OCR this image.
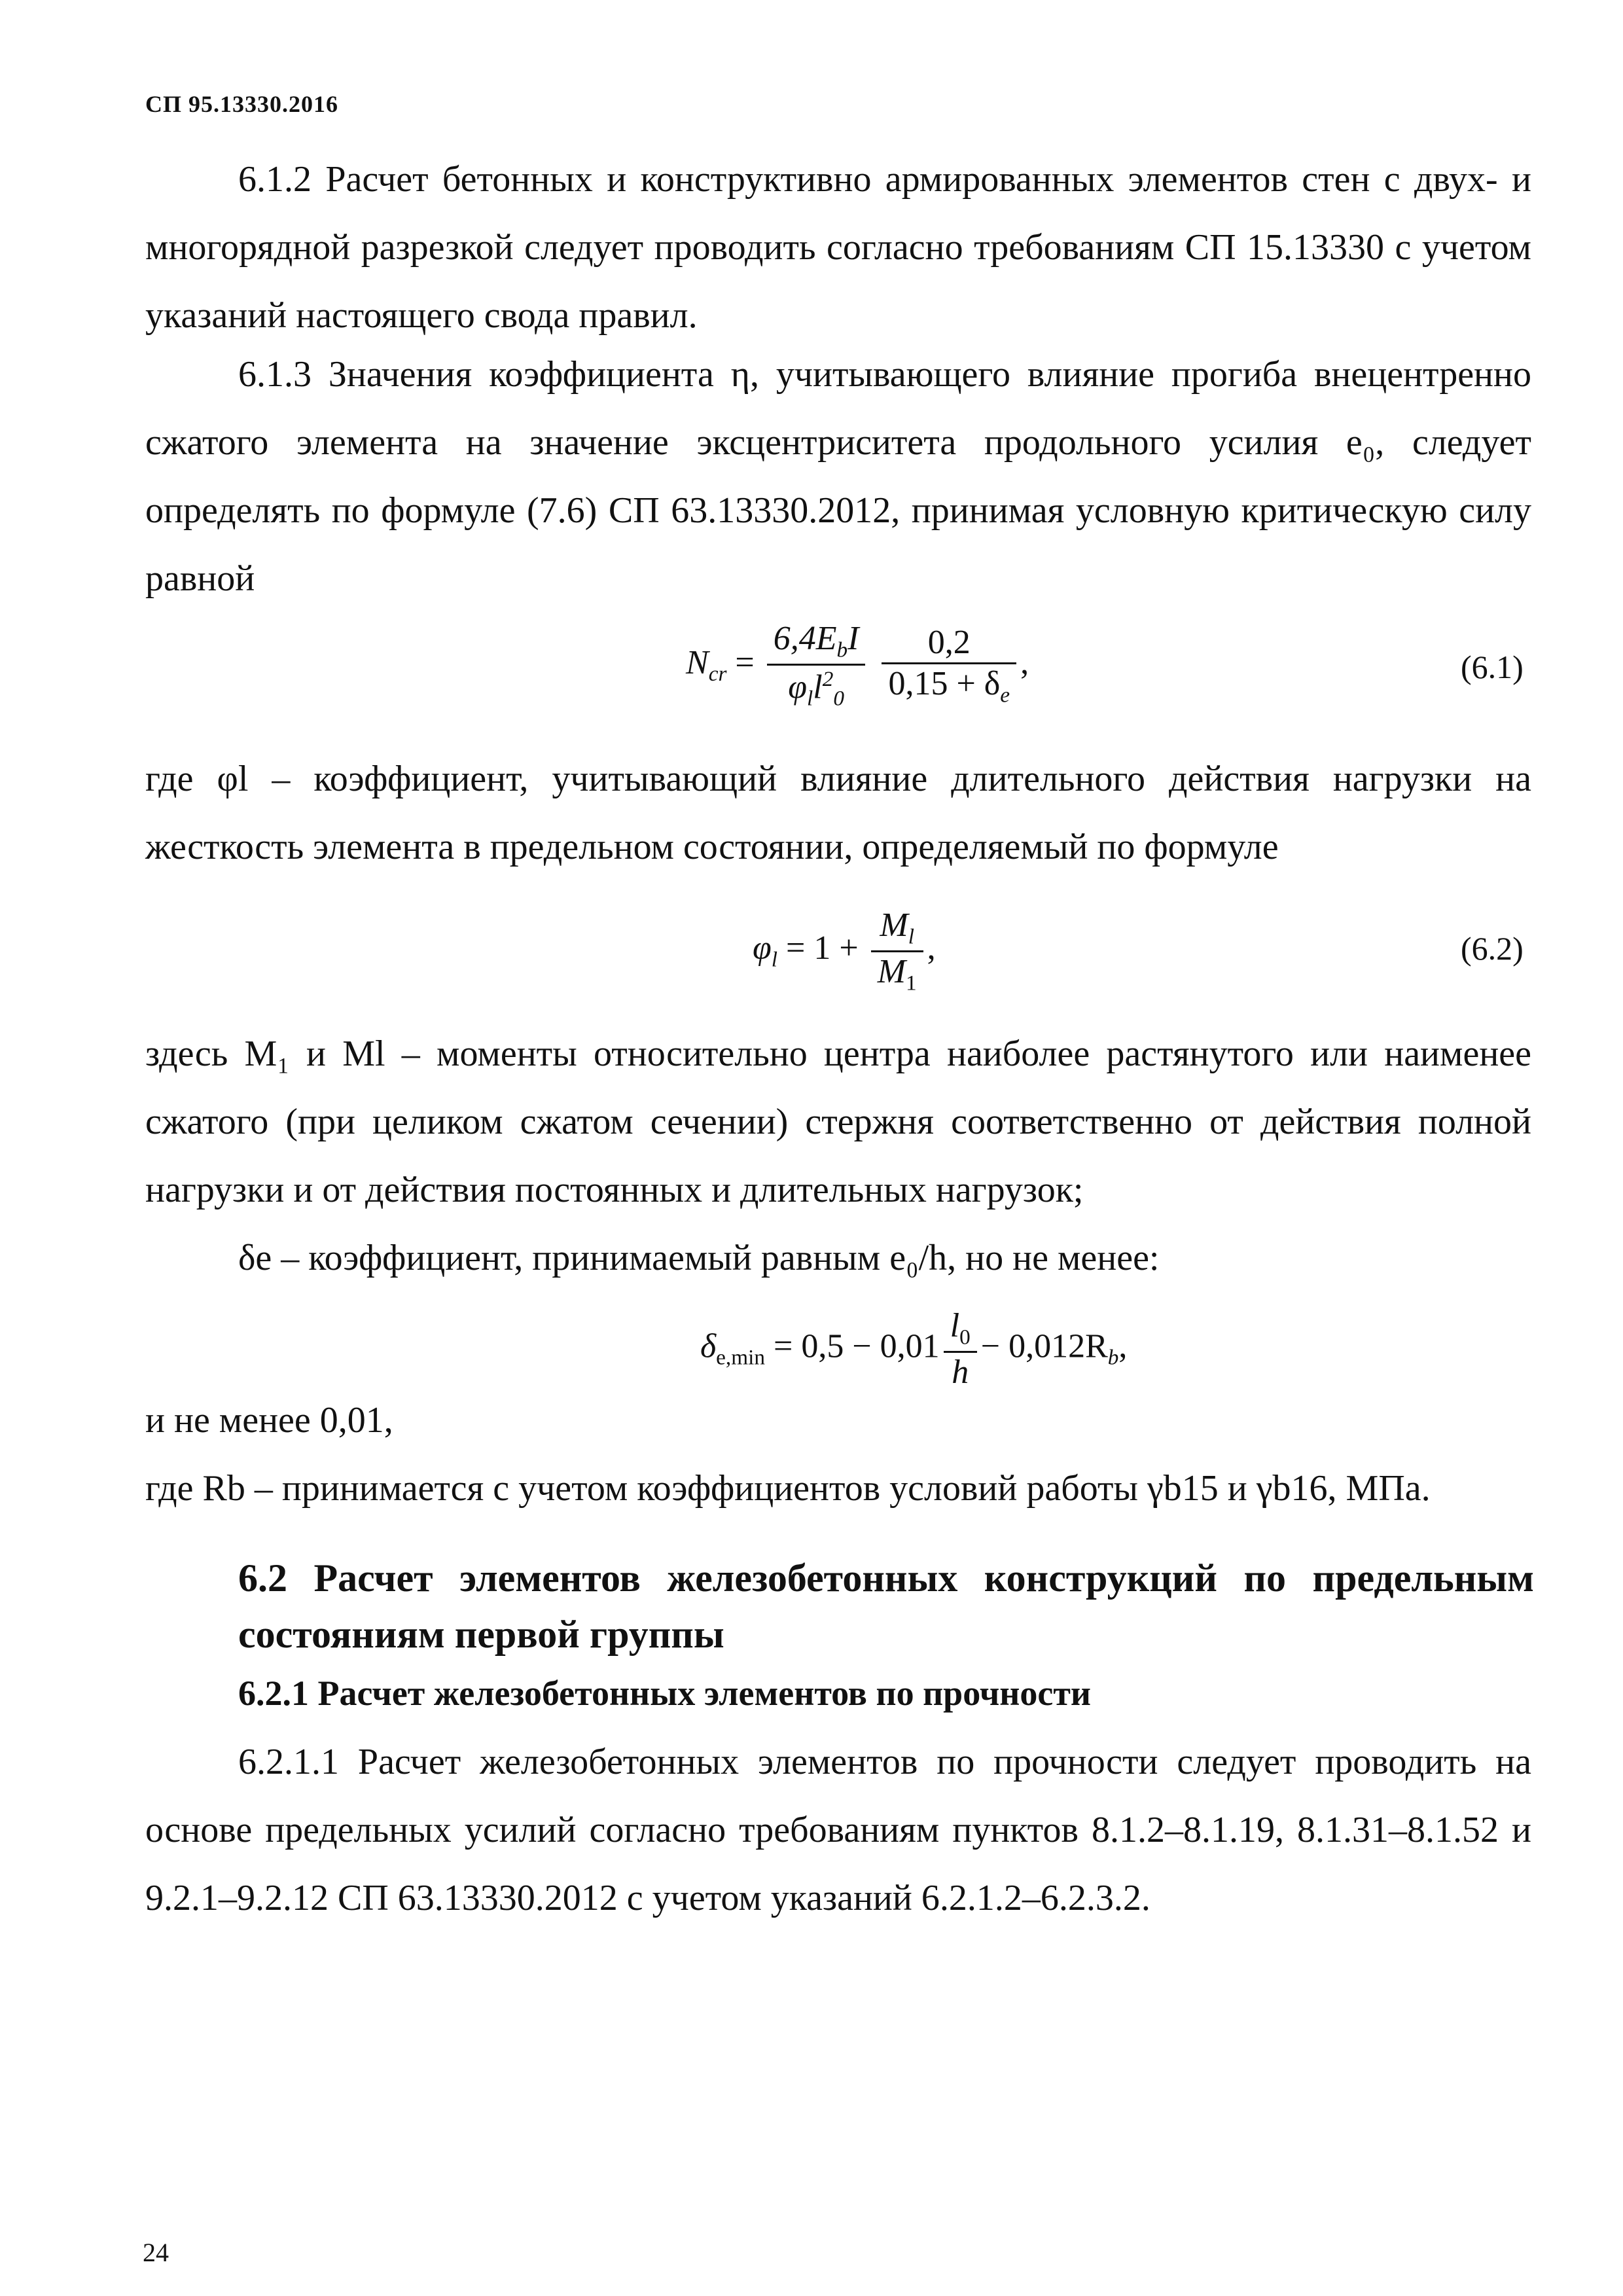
СП 95.13330.2016

6.1.2 Расчет бетонных и конструктивно армированных элементов стен с двух- и многорядной разрезкой следует проводить согласно требованиям СП 15.13330 с учетом указаний настоящего свода правил.

6.1.3 Значения коэффициента η, учитывающего влияние прогиба внецентренно сжатого элемента на значение эксцентриситета продольного усилия e₀, следует определять по формуле (7.6) СП 63.13330.2012, принимая условную критическую силу равной

$N_{cr} = \frac{6,4E_bI}{\varphi_ll^2_0}$
$\frac{0,2}{0,15 + \delta_e}$ ,	(6.1)

где φl – коэффициент, учитывающий влияние длительного действия нагрузки на жесткость элемента в предельном состоянии, определяемый по формуле

$\varphi_l = 1 + \frac{M_l}{M_1}$ ,	(6.2)

здесь M₁ и Ml – моменты относительно центра наиболее растянутого или наименее сжатого (при целиком сжатом сечении) стержня соответственно от действия полной нагрузки и от действия постоянных и длительных нагрузок;

δe – коэффициент, принимаемый равным e₀/h, но не менее:

$\delta_{e,min} = 0,5 - 0,01 \frac{l_0}{h} - 0,012R_b$,

и не менее 0,01,

где Rb – принимается с учетом коэффициентов условий работы γb15 и γb16, МПа.

6.2 Расчет элементов железобетонных конструкций по предельным состояниям первой группы
6.2.1 Расчет железобетонных элементов по прочности

6.2.1.1 Расчет железобетонных элементов по прочности следует проводить на основе предельных усилий согласно требованиям пунктов 8.1.2–8.1.19, 8.1.31–8.1.52 и 9.2.1–9.2.12 СП 63.13330.2012 с учетом указаний 6.2.1.2–6.2.3.2.

24
